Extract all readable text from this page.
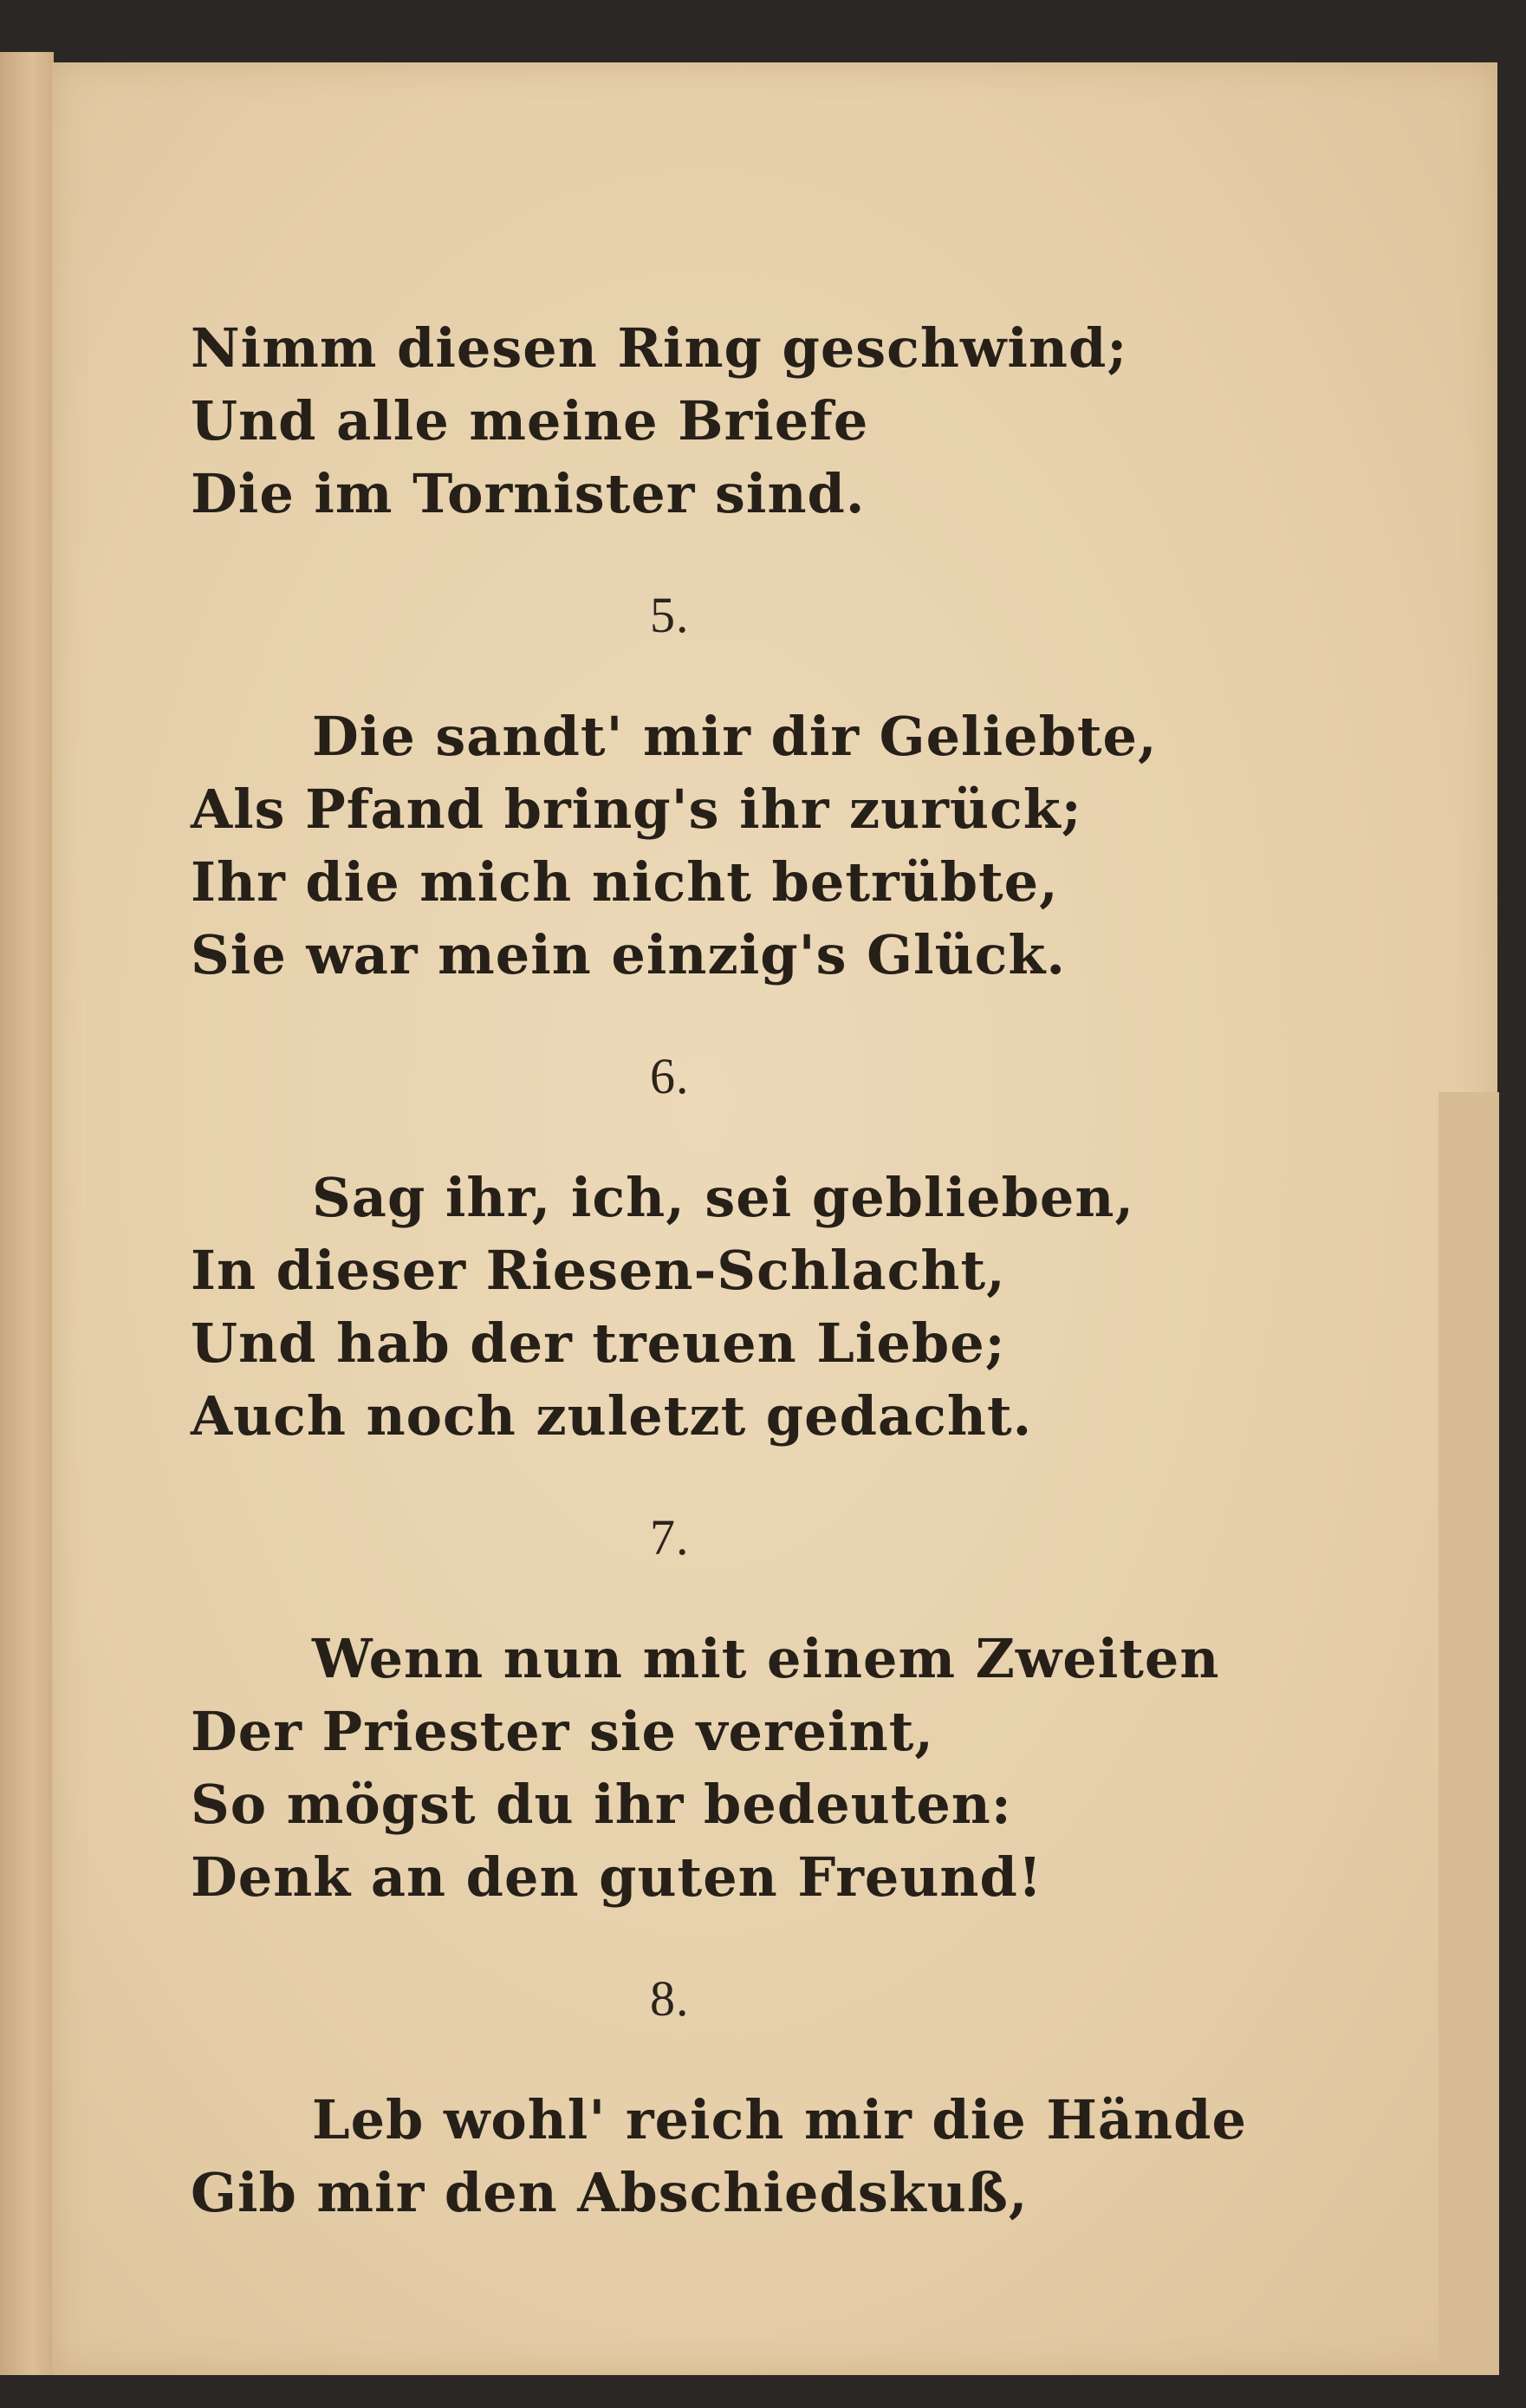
Nimm diesen Ring geschwind;
Und alle meine Briefe
Die im Tornister sind.
5.
Die sandt' mir dir Geliebte,
Als Pfand bring's ihr zurück;
Ihr die mich nicht betrübte,
Sie war mein einzig's Glück.
6.
Sag ihr, ich, sei geblieben,
In dieser Riesen-Schlacht,
Und hab der treuen Liebe;
Auch noch zuletzt gedacht.
7.
Wenn nun mit einem Zweiten
Der Priester sie vereint,
So mögst du ihr bedeuten:
Denk an den guten Freund!
8.
Leb wohl' reich mir die Hände
Gib mir den Abschiedskuß,
